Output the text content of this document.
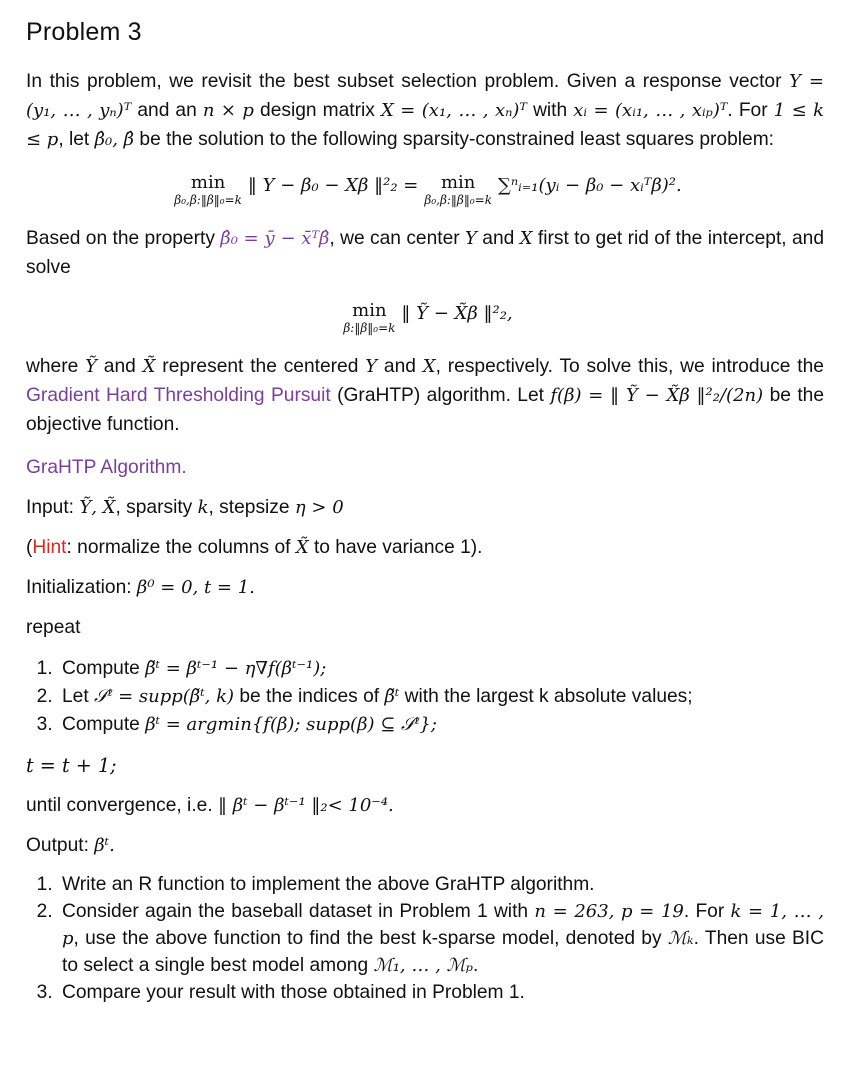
Problem 3

In this problem, we revisit the best subset selection problem. Given a response vector Y = (y₁, … , yₙ)ᵀ and an n × p design matrix X = (x₁, … , xₙ)ᵀ with xᵢ = (xᵢ₁, … , xᵢₚ)ᵀ. For 1 ≤ k ≤ p, let β̂₀, β̂ be the solution to the following sparsity-constrained least squares problem:

min
β₀,β:‖β‖₀=k
‖ Y − β₀ − Xβ ‖²₂ = min
β₀,β:‖β‖₀=k
∑ⁿᵢ₌₁(yᵢ − β₀ − xᵢᵀβ)².

Based on the property β̂₀ = ȳ − x̄ᵀβ̂, we can center Y and X first to get rid of the intercept, and solve

min
β:‖β‖₀=k
‖ Ỹ − X̃β ‖²₂,

where Ỹ and X̃ represent the centered Y and X, respectively. To solve this, we introduce the Gradient Hard Thresholding Pursuit (GraHTP) algorithm. Let f(β) = ‖ Ỹ − X̃β ‖²₂/(2n) be the objective function.

GraHTP Algorithm.

Input: Ỹ, X̃, sparsity k, stepsize η > 0

(Hint: normalize the columns of X̃ to have variance 1).

Initialization: β⁰ = 0, t = 1.

repeat

1. Compute β̃ᵗ = βᵗ⁻¹ − η∇f(βᵗ⁻¹);
2. Let 𝒮ᵗ = supp(β̃ᵗ, k) be the indices of β̃ᵗ with the largest k absolute values;
3. Compute βᵗ = argmin{f(β); supp(β) ⊆ 𝒮ᵗ};

t = t + 1;

until convergence, i.e. ‖ βᵗ − βᵗ⁻¹ ‖₂< 10⁻⁴.

Output: βᵗ.

1. Write an R function to implement the above GraHTP algorithm.
2. Consider again the baseball dataset in Problem 1 with n = 263, p = 19. For k = 1, … , p, use the above function to find the best k-sparse model, denoted by ℳₖ. Then use BIC to select a single best model among ℳ₁, … , ℳₚ.
3. Compare your result with those obtained in Problem 1.
